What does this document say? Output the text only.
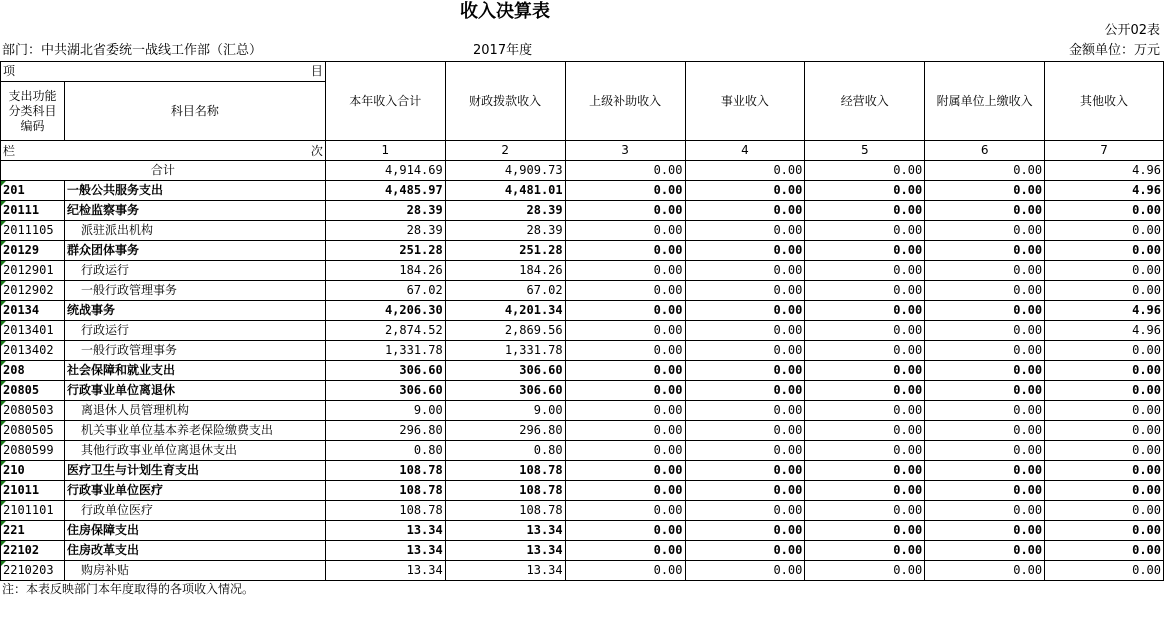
收入决算表
公开02表
部门：中共湖北省委统一战线工作部（汇总）	2017年度	金额单位：万元
项 目		本年收入合计	财政拨款收入	上级补助收入	事业收入	经营收入	附属单位上缴收入	其他收入
支出功能分类科目编码	科目名称							

栏 次		1	2	3	4	5	6	7
合计		4,914.69	4,909.73	0.00	0.00	0.00	0.00	4.96
201	一般公共服务支出	4,485.97	4,481.01	0.00	0.00	0.00	0.00	4.96
20111	纪检监察事务	28.39	28.39	0.00	0.00	0.00	0.00	0.00
2011105	派驻派出机构	28.39	28.39	0.00	0.00	0.00	0.00	0.00
20129	群众团体事务	251.28	251.28	0.00	0.00	0.00	0.00	0.00
2012901	行政运行	184.26	184.26	0.00	0.00	0.00	0.00	0.00
2012902	一般行政管理事务	67.02	67.02	0.00	0.00	0.00	0.00	0.00
20134	统战事务	4,206.30	4,201.34	0.00	0.00	0.00	0.00	4.96
2013401	行政运行	2,874.52	2,869.56	0.00	0.00	0.00	0.00	4.96
2013402	一般行政管理事务	1,331.78	1,331.78	0.00	0.00	0.00	0.00	0.00
208	社会保障和就业支出	306.60	306.60	0.00	0.00	0.00	0.00	0.00
20805	行政事业单位离退休	306.60	306.60	0.00	0.00	0.00	0.00	0.00
2080503	离退休人员管理机构	9.00	9.00	0.00	0.00	0.00	0.00	0.00
2080505	机关事业单位基本养老保险缴费支出	296.80	296.80	0.00	0.00	0.00	0.00	0.00
2080599	其他行政事业单位离退休支出	0.80	0.80	0.00	0.00	0.00	0.00	0.00
210	医疗卫生与计划生育支出	108.78	108.78	0.00	0.00	0.00	0.00	0.00
21011	行政事业单位医疗	108.78	108.78	0.00	0.00	0.00	0.00	0.00
2101101	行政单位医疗	108.78	108.78	0.00	0.00	0.00	0.00	0.00
221	住房保障支出	13.34	13.34	0.00	0.00	0.00	0.00	0.00
22102	住房改革支出	13.34	13.34	0.00	0.00	0.00	0.00	0.00
2210203	购房补贴	13.34	13.34	0.00	0.00	0.00	0.00	0.00
注：本表反映部门本年度取得的各项收入情况。
